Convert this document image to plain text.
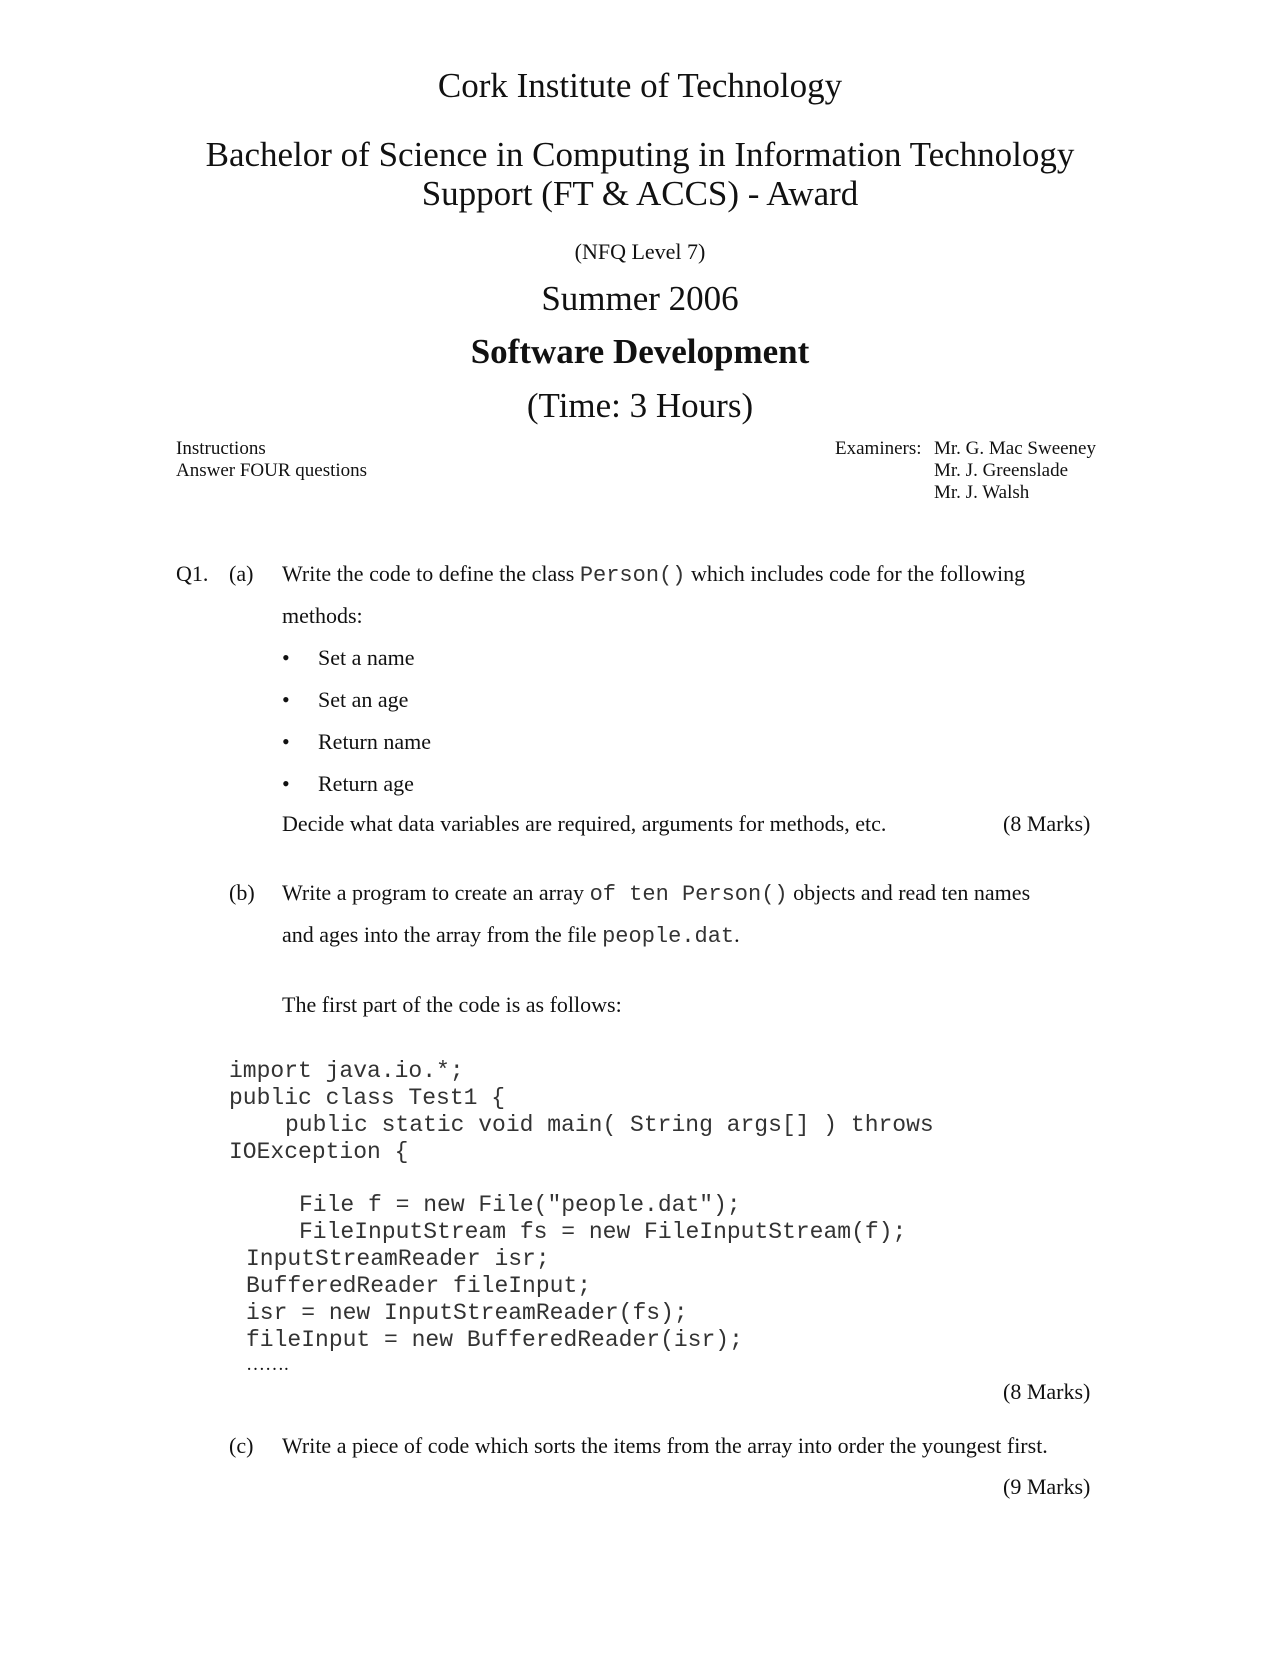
Cork Institute of Technology
Bachelor of Science in Computing in Information Technology
Support (FT & ACCS) - Award
(NFQ Level 7)
Summer 2006
Software Development
(Time: 3 Hours)
Instructions
Answer FOUR questions
Examiners: Mr. G. Mac Sweeney
Mr. J. Greenslade
Mr. J. Walsh
Q1. (a) Write the code to define the class Person() which includes code for the following
methods:
• Set a name
• Set an age
• Return name
• Return age
Decide what data variables are required, arguments for methods, etc.	(8 Marks)
(b) Write a program to create an array of ten Person() objects and read ten names
and ages into the array from the file people.dat.
The first part of the code is as follows:
import java.io.*;
public class Test1 {
public static void main( String args[] ) throws
IOException {
File f = new File("people.dat");
FileInputStream fs = new FileInputStream(f);
InputStreamReader isr;
BufferedReader fileInput;
isr = new InputStreamReader(fs);
fileInput = new BufferedReader(isr);
…….
(8 Marks)
(c) Write a piece of code which sorts the items from the array into order the youngest first.
(9 Marks)
